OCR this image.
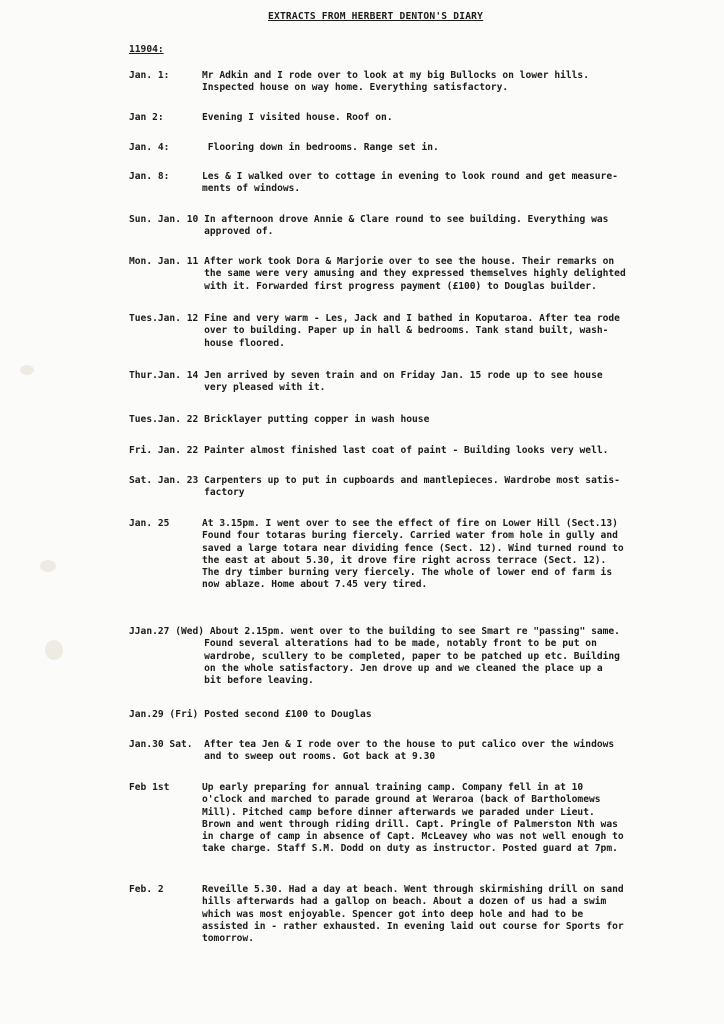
EXTRACTS FROM HERBERT DENTON'S DIARY
11904:
Jan. 1:	Mr Adkin and I rode over to look at my big Bullocks on lower hills.
Inspected house on way home. Everything satisfactory.
Jan 2:	Evening I visited house. Roof on.
Jan. 4:	Flooring down in bedrooms. Range set in.
Jan. 8:	Les & I walked over to cottage in evening to look round and get measure-
ments of windows.
Sun. Jan. 10 In afternoon drove Annie & Clare round to see building. Everything was
approved of.
Mon. Jan. 11 After work took Dora & Marjorie over to see the house. Their remarks on
the same were very amusing and they expressed themselves highly delighted
with it. Forwarded first progress payment (£100) to Douglas builder.
Tues.Jan. 12 Fine and very warm - Les, Jack and I bathed in Koputaroa. After tea rode
over to building. Paper up in hall & bedrooms. Tank stand built, wash-
house floored.
Thur.Jan. 14 Jen arrived by seven train and on Friday Jan. 15 rode up to see house
very pleased with it.
Tues.Jan. 22 Bricklayer putting copper in wash house
Fri. Jan. 22 Painter almost finished last coat of paint - Building looks very well.
Sat. Jan. 23 Carpenters up to put in cupboards and mantlepieces. Wardrobe most satis-
factory
Jan. 25	At 3.15pm. I went over to see the effect of fire on Lower Hill (Sect.13)
Found four totaras buring fiercely. Carried water from hole in gully and
saved a large totara near dividing fence (Sect. 12). Wind turned round to
the east at about 5.30, it drove fire right across terrace (Sect. 12).
The dry timber burning very fiercely. The whole of lower end of farm is
now ablaze. Home about 7.45 very tired.
JJan.27 (Wed) About 2.15pm. went over to the building to see Smart re "passing" same.
Found several alterations had to be made, notably front to be put on
wardrobe, scullery to be completed, paper to be patched up etc. Building
on the whole satisfactory. Jen drove up and we cleaned the place up a
bit before leaving.
Jan.29 (Fri) Posted second £100 to Douglas
Jan.30 Sat.  After tea Jen & I rode over to the house to put calico over the windows
and to sweep out rooms. Got back at 9.30
Feb 1st	Up early preparing for annual training camp. Company fell in at 10
o'clock and marched to parade ground at Weraroa (back of Bartholomews
Mill). Pitched camp before dinner afterwards we paraded under Lieut.
Brown and went through riding drill. Capt. Pringle of Palmerston Nth was
in charge of camp in absence of Capt. McLeavey who was not well enough to
take charge. Staff S.M. Dodd on duty as instructor. Posted guard at 7pm.
Feb. 2	Reveille 5.30. Had a day at beach. Went through skirmishing drill on sand
hills afterwards had a gallop on beach. About a dozen of us had a swim
which was most enjoyable. Spencer got into deep hole and had to be
assisted in - rather exhausted. In evening laid out course for Sports for
tomorrow.
